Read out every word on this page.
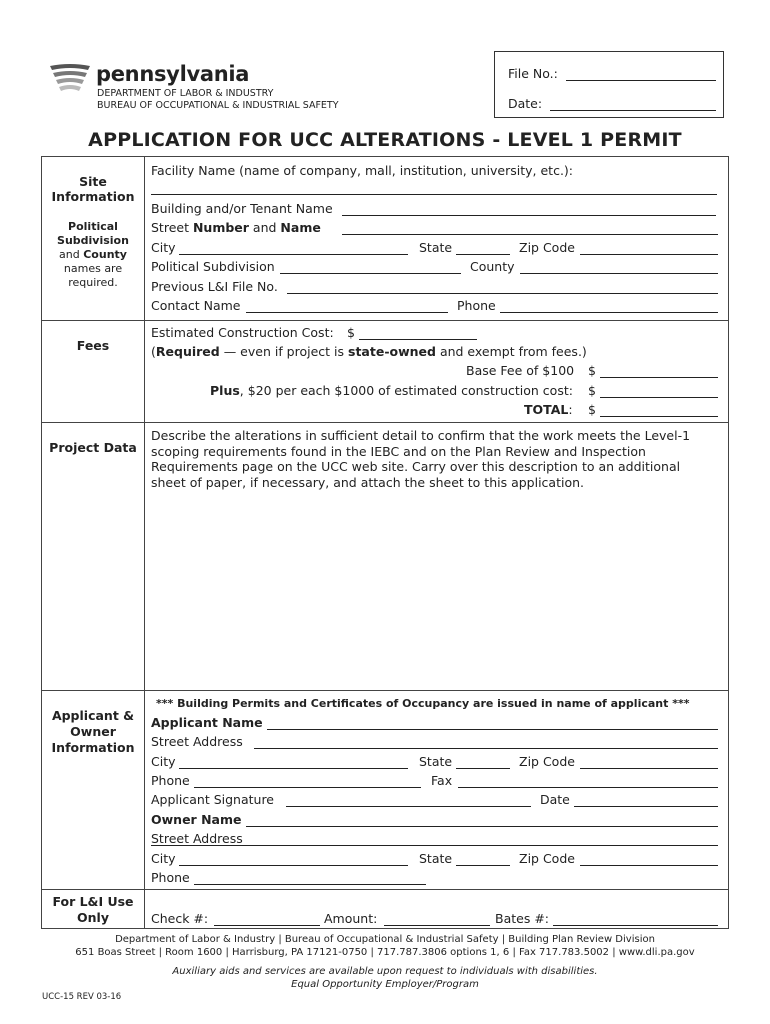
pennsylvania
DEPARTMENT OF LABOR & INDUSTRY
BUREAU OF OCCUPATIONAL & INDUSTRIAL SAFETY
File No.:
Date:
APPLICATION FOR UCC ALTERATIONS - LEVEL 1 PERMIT
Site
Information
Political
Subdivision
and County
names are
required.
Facility Name (name of company, mall, institution, university, etc.):
Building and/or Tenant Name
Street Number and Name
City	State	Zip Code
Political Subdivision	County
Previous L&I File No.
Contact Name	Phone
Fees
Estimated Construction Cost: $
(Required — even if project is state-owned and exempt from fees.)
Base Fee of $100 $
Plus, $20 per each $1000 of estimated construction cost: $
TOTAL: $
Project Data
Describe the alterations in sufficient detail to confirm that the work meets the Level-1
scoping requirements found in the IEBC and on the Plan Review and Inspection
Requirements page on the UCC web site. Carry over this description to an additional
sheet of paper, if necessary, and attach the sheet to this application.
Applicant &
Owner
Information
*** Building Permits and Certificates of Occupancy are issued in name of applicant ***
Applicant Name
Street Address
City	State	Zip Code
Phone	Fax
Applicant Signature	Date
Owner Name
Street Address
City	State	Zip Code
Phone
For L&I Use
Only	Check #:	Amount:	Bates #:
Department of Labor & Industry | Bureau of Occupational & Industrial Safety | Building Plan Review Division
651 Boas Street | Room 1600 | Harrisburg, PA 17121-0750 | 717.787.3806 options 1, 6 | Fax 717.783.5002 | www.dli.pa.gov
Auxiliary aids and services are available upon request to individuals with disabilities.
Equal Opportunity Employer/Program
UCC-15 REV 03-16
